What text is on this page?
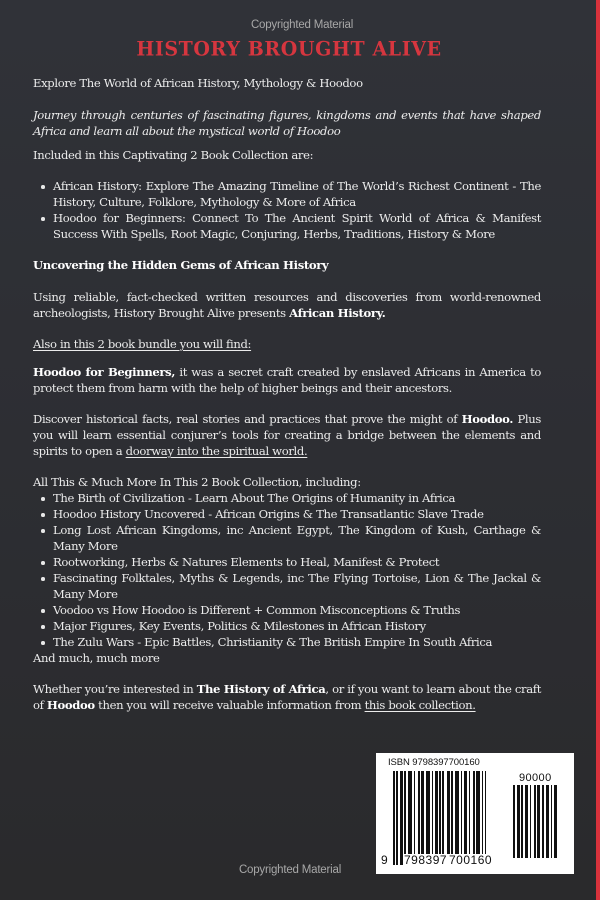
Copyrighted Material
HISTORY BROUGHT ALIVE

Explore The World of African History, Mythology & Hoodoo

Journey through centuries of fascinating figures, kingdoms and events that have shaped Africa and learn all about the mystical world of Hoodoo

Included in this Captivating 2 Book Collection are:

African History: Explore The Amazing Timeline of The World’s Richest Continent - The History, Culture, Folklore, Mythology & More of Africa
Hoodoo for Beginners: Connect To The Ancient Spirit World of Africa & Manifest Success With Spells, Root Magic, Conjuring, Herbs, Traditions, History & More

Uncovering the Hidden Gems of African History

Using reliable, fact-checked written resources and discoveries from world-renowned archeologists, History Brought Alive presents African History.

Also in this 2 book bundle you will find:

Hoodoo for Beginners, it was a secret craft created by enslaved Africans in America to protect them from harm with the help of higher beings and their ancestors.

Discover historical facts, real stories and practices that prove the might of Hoodoo. Plus you will learn essential conjurer’s tools for creating a bridge between the elements and spirits to open a doorway into the spiritual world.

All This & Much More In This 2 Book Collection, including:

The Birth of Civilization - Learn About The Origins of Humanity in Africa
Hoodoo History Uncovered - African Origins & The Transatlantic Slave Trade
Long Lost African Kingdoms, inc Ancient Egypt, The Kingdom of Kush, Carthage & Many More
Rootworking, Herbs & Natures Elements to Heal, Manifest & Protect
Fascinating Folktales, Myths & Legends, inc The Flying Tortoise, Lion & The Jackal & Many More
Voodoo vs How Hoodoo is Different + Common Misconceptions & Truths
Major Figures, Key Events, Politics & Milestones in African History
The Zulu Wars - Epic Battles, Christianity & The British Empire In South Africa

And much, much more

Whether you’re interested in The History of Africa, or if you want to learn about the craft of Hoodoo then you will receive valuable information from this book collection.

ISBN 9798397700160
90000
9 798397 700160
Copyrighted Material
